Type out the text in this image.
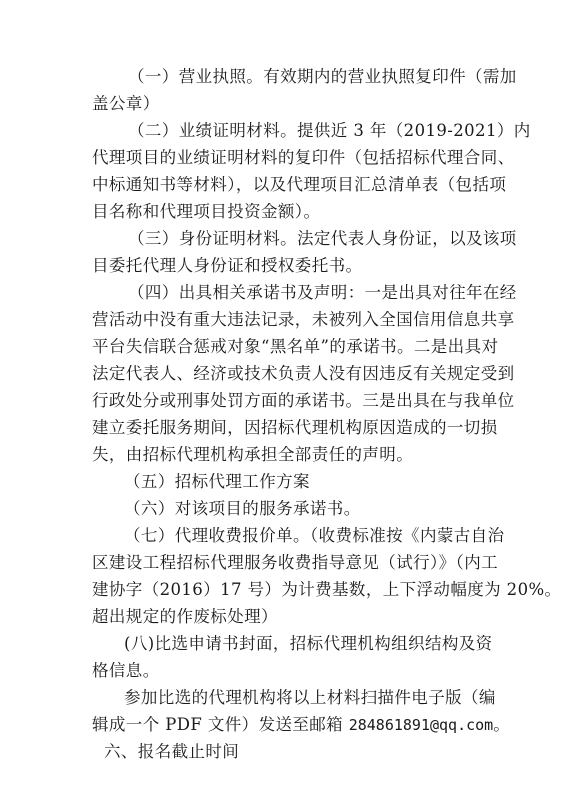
（一）营业执照。有效期内的营业执照复印件（需加
盖公章）
（二）业绩证明材料。提供近 3 年（2019-2021）内
代理项目的业绩证明材料的复印件（包括招标代理合同、
中标通知书等材料），以及代理项目汇总清单表（包括项
目名称和代理项目投资金额）。
（三）身份证明材料。法定代表人身份证，以及该项
目委托代理人身份证和授权委托书。
（四）出具相关承诺书及声明：一是出具对往年在经
营活动中没有重大违法记录，未被列入全国信用信息共享
平台失信联合惩戒对象“黑名单”的承诺书。二是出具对
法定代表人、经济或技术负责人没有因违反有关规定受到
行政处分或刑事处罚方面的承诺书。三是出具在与我单位
建立委托服务期间，因招标代理机构原因造成的一切损
失，由招标代理机构承担全部责任的声明。
（五）招标代理工作方案
（六）对该项目的服务承诺书。
（七）代理收费报价单。（收费标准按《内蒙古自治
区建设工程招标代理服务收费指导意见（试行）》（内工
建协字（2016）17 号）为计费基数，上下浮动幅度为 20%。
超出规定的作废标处理）
(八)比选申请书封面，招标代理机构组织结构及资
格信息。
参加比选的代理机构将以上材料扫描件电子版（编
辑成一个 PDF 文件）发送至邮箱 284861891@qq.com。
六、报名截止时间
